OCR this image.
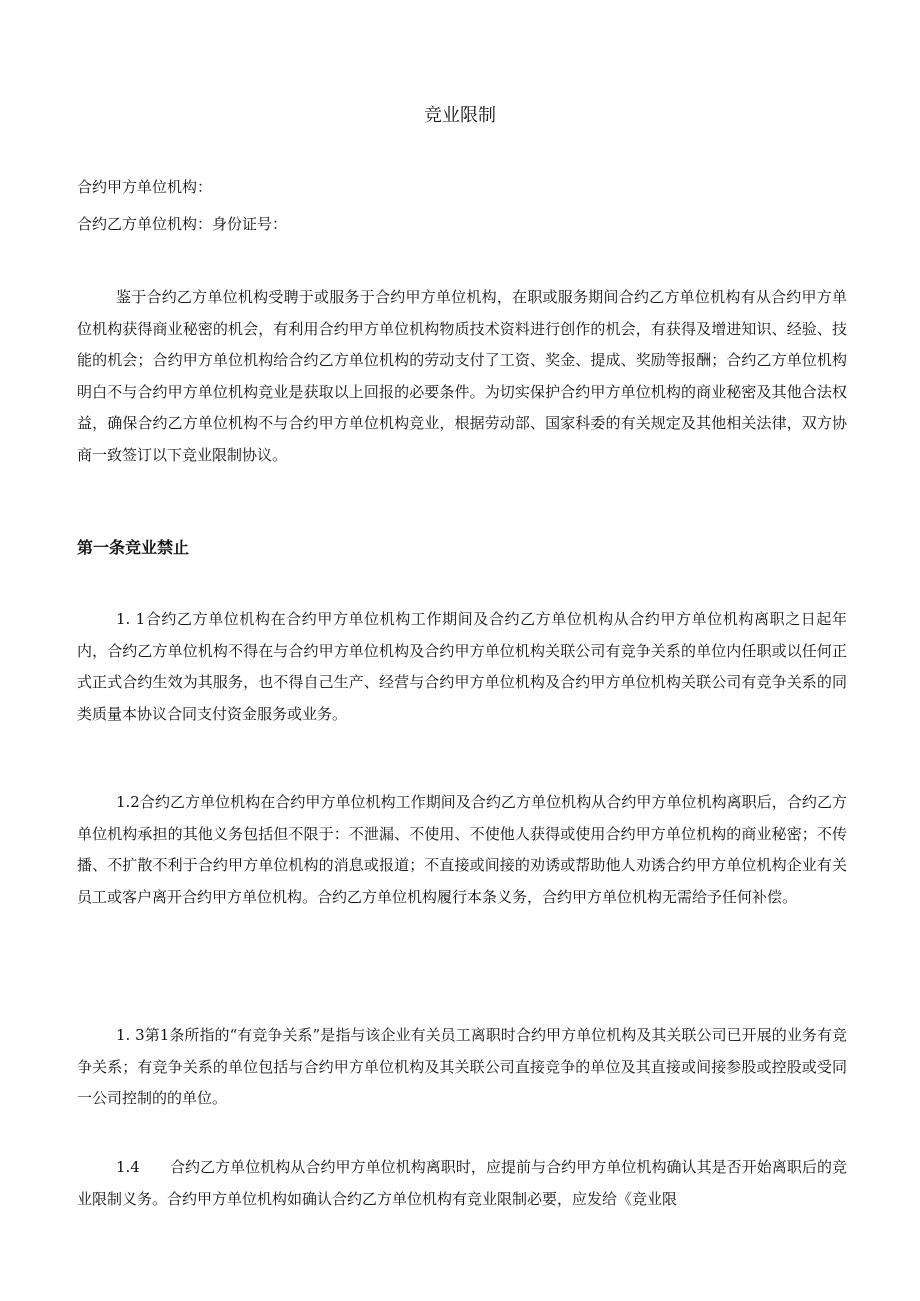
竞业限制
合约甲方单位机构：
合约乙方单位机构：身份证号：
鉴于合约乙方单位机构受聘于或服务于合约甲方单位机构，在职或服务期间合约乙方单位机构有从合约甲方单位机构获得商业秘密的机会，有利用合约甲方单位机构物质技术资料进行创作的机会，有获得及增进知识、经验、技能的机会；合约甲方单位机构给合约乙方单位机构的劳动支付了工资、奖金、提成、奖励等报酬；合约乙方单位机构明白不与合约甲方单位机构竞业是获取以上回报的必要条件。为切实保护合约甲方单位机构的商业秘密及其他合法权益，确保合约乙方单位机构不与合约甲方单位机构竞业，根据劳动部、国家科委的有关规定及其他相关法律，双方协商一致签订以下竞业限制协议。
第一条竞业禁止
1. 1合约乙方单位机构在合约甲方单位机构工作期间及合约乙方单位机构从合约甲方单位机构离职之日起年内，合约乙方单位机构不得在与合约甲方单位机构及合约甲方单位机构关联公司有竞争关系的单位内任职或以任何正式正式合约生效为其服务，也不得自己生产、经营与合约甲方单位机构及合约甲方单位机构关联公司有竞争关系的同类质量本协议合同支付资金服务或业务。
1.2合约乙方单位机构在合约甲方单位机构工作期间及合约乙方单位机构从合约甲方单位机构离职后，合约乙方单位机构承担的其他义务包括但不限于：不泄漏、不使用、不使他人获得或使用合约甲方单位机构的商业秘密；不传播、不扩散不利于合约甲方单位机构的消息或报道；不直接或间接的劝诱或帮助他人劝诱合约甲方单位机构企业有关员工或客户离开合约甲方单位机构。合约乙方单位机构履行本条义务，合约甲方单位机构无需给予任何补偿。
1. 3第1条所指的“有竞争关系”是指与该企业有关员工离职时合约甲方单位机构及其关联公司已开展的业务有竞争关系；有竞争关系的单位包括与合约甲方单位机构及其关联公司直接竞争的单位及其直接或间接参股或控股或受同一公司控制的的单位。
1.4　　合约乙方单位机构从合约甲方单位机构离职时，应提前与合约甲方单位机构确认其是否开始离职后的竞业限制义务。合约甲方单位机构如确认合约乙方单位机构有竞业限制必要，应发给《竞业限
